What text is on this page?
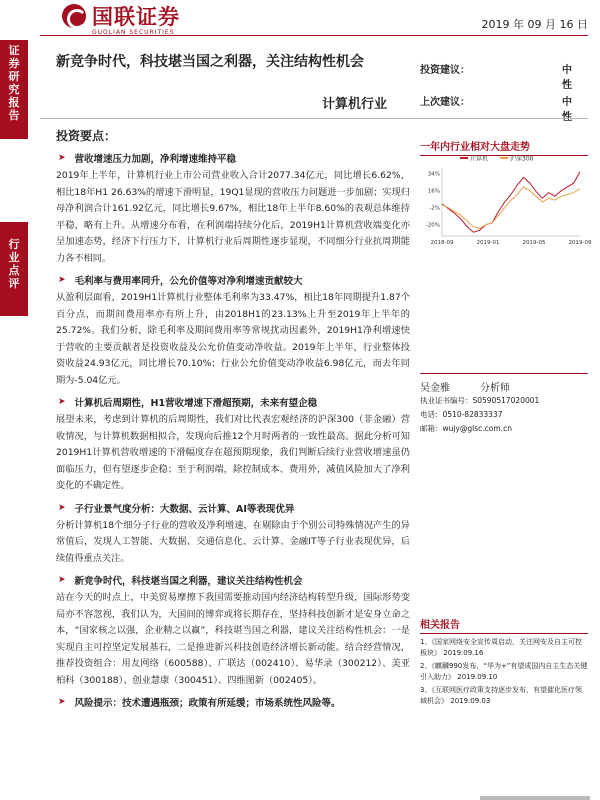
证
券
研
究
报
告
行
业
点
评
国联证券
GUOLIAN SECURITIES
2019 年 09 月 16 日
新竞争时代，科技堪当国之利器，关注结构性机会
投资建议：	中性
上次建议：	中性
计算机行业
投资要点：
➤ 营收增速压力加剧，净利增速维持平稳

2019年上半年，计算机行业上市公司营业收入合计2077.34亿元，同比增长6.62%，相比18年H1 26.63%的增速下滑明显，19Q1显现的营收压力问题进一步加剧；实现归母净利润合计161.92亿元，同比增长9.67%，相比18年上半年8.60%的表观总体维持平稳，略有上升。从增速分布看，在利润端持续分化后，2019H1计算机营收端变化亦呈加速态势，经济下行压力下，计算机行业后周期性逐步显现，不同细分行业抗周期能力各不相同。

➤ 毛利率与费用率同升，公允价值等对净利增速贡献较大

从盈利层面看，2019H1计算机行业整体毛利率为33.47%，相比18年同期提升1.87个百分点，而期间费用率亦有所上升，由2018H1的23.13%上升至2019年上半年的25.72%。我们分析，除毛利率及期间费用率等常规扰动因素外，2019H1净利增速快于营收的主要贡献者是投资收益及公允价值变动净收益。2019年上半年，行业整体投资收益24.93亿元，同比增长70.10%；行业公允价值变动净收益6.98亿元，而去年同期为-5.04亿元。

➤ 计算机后周期性，H1营收增速下滑超预期，未来有望企稳

展望未来，考虑到计算机的后周期性，我们对比代表宏观经济的沪深300（非金融）营收情况，与计算机数据相拟合，发现向后推12个月时两者的一致性最高。据此分析可知2019H1计算机营收增速的下滑幅度存在超预期现象，我们判断后续行业营收增速虽仍面临压力，但有望逐步企稳；至于利润端，除控制成本、费用外，减值风险加大了净利变化的不确定性。

➤ 子行业景气度分析：大数据、云计算、AI等表现优异

分析计算机18个细分子行业的营收及净利增速，在剔除由于个别公司特殊情况产生的异常值后，发现人工智能、大数据、交通信息化、云计算、金融IT等子行业表现优异，后续值得重点关注。

➤ 新竞争时代，科技堪当国之利器，建议关注结构性机会

站在今天的时点上，中美贸易摩擦下我国需要推动国内经济结构转型升级，国际形势变局亦不容忽视，我们认为，大国间的博弈或将长期存在，坚持科技创新才是安身立命之本，“国家核之以强，企业精之以赢”，科技堪当国之利器，建议关注结构性机会：一是实现自主可控坚定发展基石，二是推进新兴科技创造经济增长新动能。结合经营情况，推荐投资组合：用友网络（600588）、广联达（002410）、易华录（300212）、美亚柏科（300188）、创业慧康（300451）、四维图新（002405）。

➤ 风险提示：技术遭遇瓶颈；政策有所延缓；市场系统性风险等。
一年内行业相对大盘走势
计算机	沪深300
34%
16%
-2%
-20%
2018-09	2019-01	2019-05	2019-09
吴金雅	分析师
执业证书编号：S0590517020001
电话：0510-82833337
邮箱：wujy@glsc.com.cn
相关报告
1、《国家网络安全宣传周启动，关注网安及自主可控板块》 2019.09.16
2、《麒麟990发布，“华为+”有望成国内自主生态关键引入助力》 2019.09.10
3、《互联网医疗政策支持逐步发布，有望催化医疗领域机会》 2019.09.03
